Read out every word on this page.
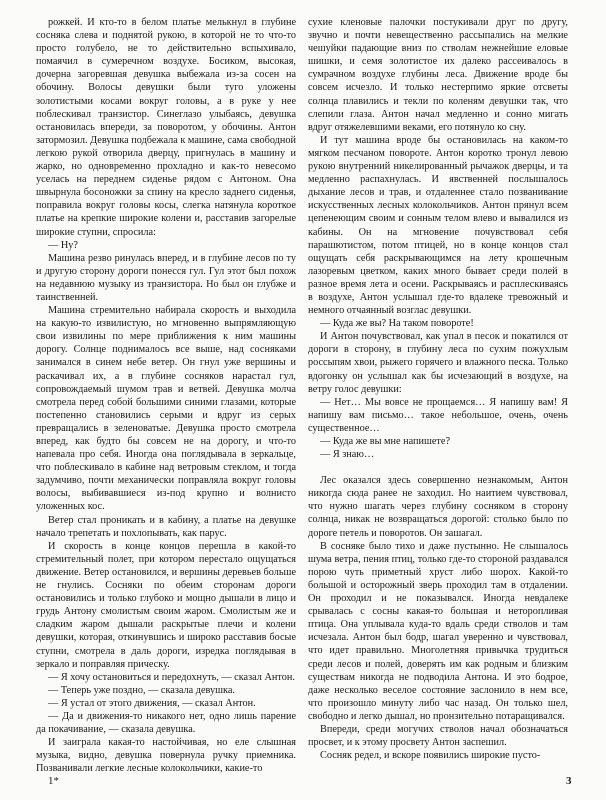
рожкей. И кто-то в белом платье мелькнул в глубине сосняка слева и поднятой рукою, в которой не то что-то просто голубело, не то действительно вспыхивало, помаячил в сумеречном воздухе. Босиком, высокая, дочерна загоревшая девушка выбежала из-за сосен на обочину. Волосы девушки были туго уложены золотистыми косами вокруг головы, а в руке у нее поблескивал транзистор. Синеглазо улыбаясь, девушка остановилась впереди, за поворотом, у обочины. Антон затормозил. Девушка подбежала к машине, сама свободной легкою рукой отворила дверцу, пригнулась в машину и жарко, но одновременно прохладно и как-то невесомо уселась на переднем сиденье рядом с Антоном. Она швырнула босоножки за спину на кресло заднего сиденья, поправила вокруг головы косы, слегка натянула короткое платье на крепкие широкие колени и, расставив загорелые широкие ступни, спросила:

— Ну?

Машина резво ринулась вперед, и в глубине лесов по ту и другую сторону дороги понесся гул. Гул этот был похож на недавнюю музыку из транзистора. Но был он глубже и таинственней.

Машина стремительно набирала скорость и выходила на какую-то извилистую, но мгновенно выпрямляющую свои извилины по мере приближения к ним машины дорогу. Солнце поднималось все выше, над сосняками занимался в синем небе ветер. Он гнул уже вершины и раскачивал их, а в глубине сосняков нарастал гул, сопровождаемый шумом трав и ветвей. Девушка молча смотрела перед собой большими синими глазами, которые постепенно становились серыми и вдруг из серых превращались в зеленоватые. Девушка просто смотрела вперед, как будто бы совсем не на дорогу, и что-то напевала про себя. Иногда она поглядывала в зеркальце, что поблескивало в кабине над ветровым стеклом, и тогда задумчиво, почти механически поправляла вокруг головы волосы, выбивавшиеся из-под крупно и волнисто уложенных кос.

Ветер стал проникать и в кабину, а платье на девушке начало трепетать и похлопывать, как парус.

И скорость в конце концов перешла в какой-то стремительный полет, при котором перестало ощущаться движение. Ветер остановился, и вершины деревьев больше не гнулись. Сосняки по обеим сторонам дороги остановились и только глубоко и мощно дышали в лицо и грудь Антону смолистым своим жаром. Смолистым же и сладким жаром дышали раскрытые плечи и колени девушки, которая, откинувшись и широко расставив босые ступни, смотрела в даль дороги, изредка поглядывая в зеркало и поправляя прическу.

— Я хочу остановиться и передохнуть, — сказал Антон.

— Теперь уже поздно, — сказала девушка.

— Я устал от этого движения, — сказал Антон.

— Да и движения-то никакого нет, одно лишь парение да покачивание, — сказала девушка.

И заиграла какая-то настойчивая, но еле слышная музыка, видно, девушка повернула ручку приемника. Позванивали легкие лесные колокольчики, какие-то

сухие кленовые палочки постукивали друг по другу, звучно и почти невещественно рассыпались на мелкие чешуйки падающие вниз по стволам нежнейшие еловые шишки, и семя золотистое их далеко рассеивалось в сумрачном воздухе глубины леса. Движение вроде бы совсем исчезло. И только нестерпимо яркие отсветы солнца плавились и текли по коленям девушки так, что слепили глаза. Антон начал медленно и сонно мигать вдруг отяжелевшими веками, его потянуло ко сну.

И тут машина вроде бы остановилась на каком-то мягком песчаном повороте. Антон коротко тронул левою рукою внутренний никелированный рычажок дверцы, и та медленно распахнулась. И явственней послышалось дыхание лесов и трав, и отдаленнее стало позванивание искусственных лесных колокольчиков. Антон прянул всем цепенеющим своим и сонным телом влево и вывалился из кабины. Он на мгновение почувствовал себя парашютистом, потом птицей, но в конце концов стал ощущать себя раскрывающимся на лету крошечным лазоревым цветком, каких много бывает среди полей в разное время лета и осени. Раскрываясь и расплескиваясь в воздухе, Антон услышал где-то вдалеке тревожный и немного отчаянный возглас девушки.

— Куда же вы? На таком повороте!

И Антон почувствовал, как упал в песок и покатился от дороги в сторону, в глубину леса по сухим пожухлым россыпям хвои, рыжего горячего и влажного песка. Только вдогонку он услышал как бы исчезающий в воздухе, на ветру голос девушки:

— Нет… Мы вовсе не прощаемся… Я напишу вам! Я напишу вам письмо… такое небольшое, очень, очень существенное…

— Куда же вы мне напишете?

— Я знаю…

Лес оказался здесь совершенно незнакомым, Антон никогда сюда ранее не заходил. Но наитием чувствовал, что нужно шагать через глубину сосняком в сторону солнца, никак не возвращаться дорогой: столько было по дороге петель и поворотов. Он зашагал.

В сосняке было тихо и даже пустынно. Не слышалось шума ветра, пения птиц, только где-то стороной раздавался порою чуть приметный хруст либо шорох. Какой-то большой и осторожный зверь проходил там в отдалении. Он проходил и не показывался. Иногда невдалеке срывалась с сосны какая-то большая и неторопливая птица. Она уплывала куда-то вдаль среди стволов и там исчезала. Антон был бодр, шагал уверенно и чувствовал, что идет правильно. Многолетняя привычка трудиться среди лесов и полей, доверять им как родным и близким существам никогда не подводила Антона. И это бодрое, даже несколько веселое состояние заслонило в нем все, что произошло минуту либо час назад. Он только шел, свободно и легко дышал, но пронзительно потаращивался.

Впереди, среди могучих стволов начал обозначаться просвет, и к этому просвету Антон заспешил.

Сосняк редел, и вскоре появились широкие пусто-

1*	3
